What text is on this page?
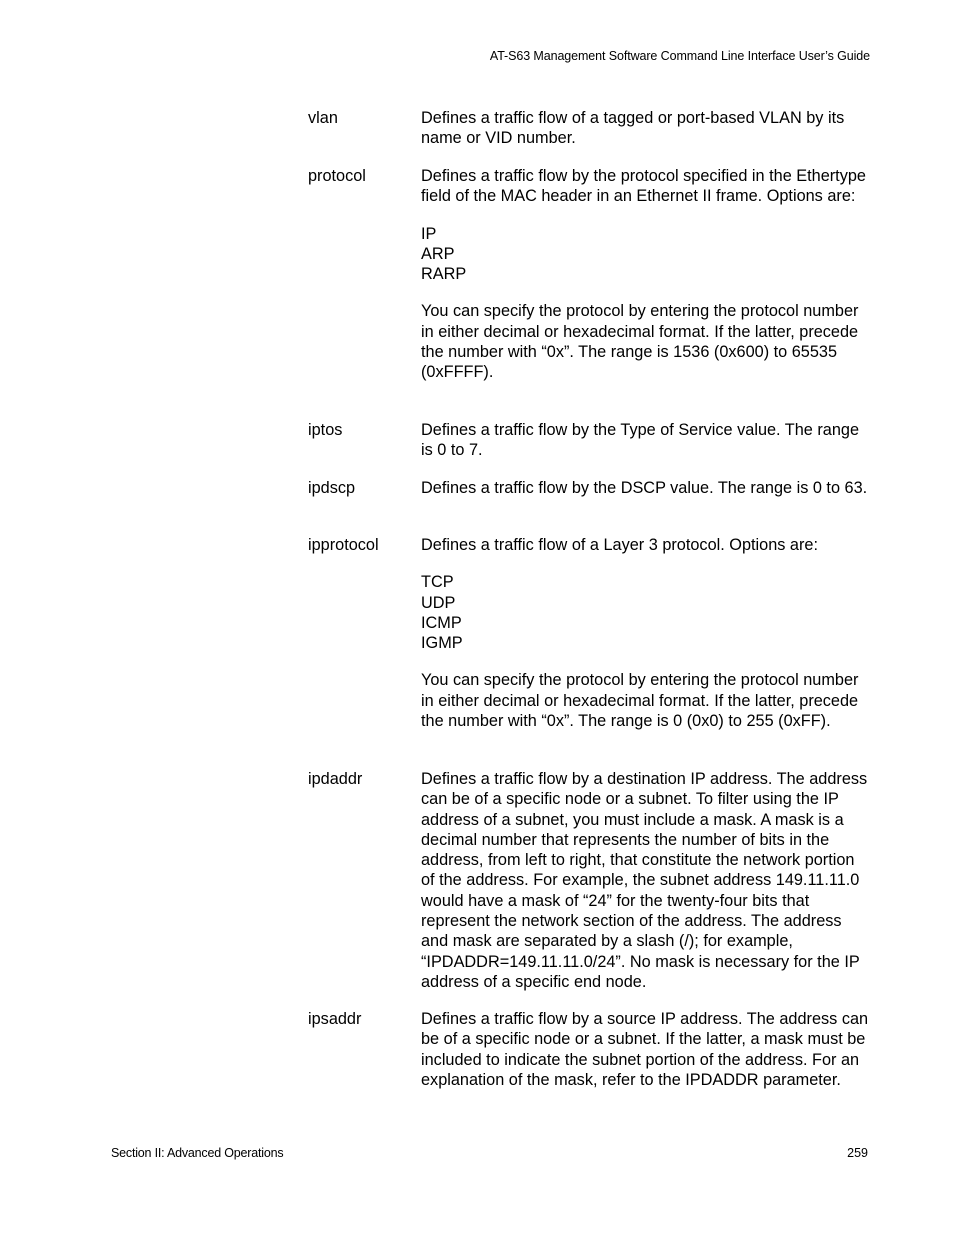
AT-S63 Management Software Command Line Interface User’s Guide
vlan	Defines a traffic flow of a tagged or port-based VLAN by its name or VID number.

protocol	Defines a traffic flow by the protocol specified in the Ethertype field of the MAC header in an Ethernet II frame. Options are:

IP
ARP
RARP

You can specify the protocol by entering the protocol number in either decimal or hexadecimal format. If the latter, precede the number with “0x”. The range is 1536 (0x600) to 65535 (0xFFFF).

iptos	Defines a traffic flow by the Type of Service value. The range is 0 to 7.

ipdscp	Defines a traffic flow by the DSCP value. The range is 0 to 63.

ipprotocol	Defines a traffic flow of a Layer 3 protocol. Options are:

TCP
UDP
ICMP
IGMP

You can specify the protocol by entering the protocol number in either decimal or hexadecimal format. If the latter, precede the number with “0x”. The range is 0 (0x0) to 255 (0xFF).

ipdaddr	Defines a traffic flow by a destination IP address. The address can be of a specific node or a subnet. To filter using the IP address of a subnet, you must include a mask. A mask is a decimal number that represents the number of bits in the address, from left to right, that constitute the network portion of the address. For example, the subnet address 149.11.11.0 would have a mask of “24” for the twenty-four bits that represent the network section of the address. The address and mask are separated by a slash (/); for example, “IPDADDR=149.11.11.0/24”. No mask is necessary for the IP address of a specific end node.

ipsaddr	Defines a traffic flow by a source IP address. The address can be of a specific node or a subnet. If the latter, a mask must be included to indicate the subnet portion of the address. For an explanation of the mask, refer to the IPDADDR parameter.

Section II: Advanced Operations	259
